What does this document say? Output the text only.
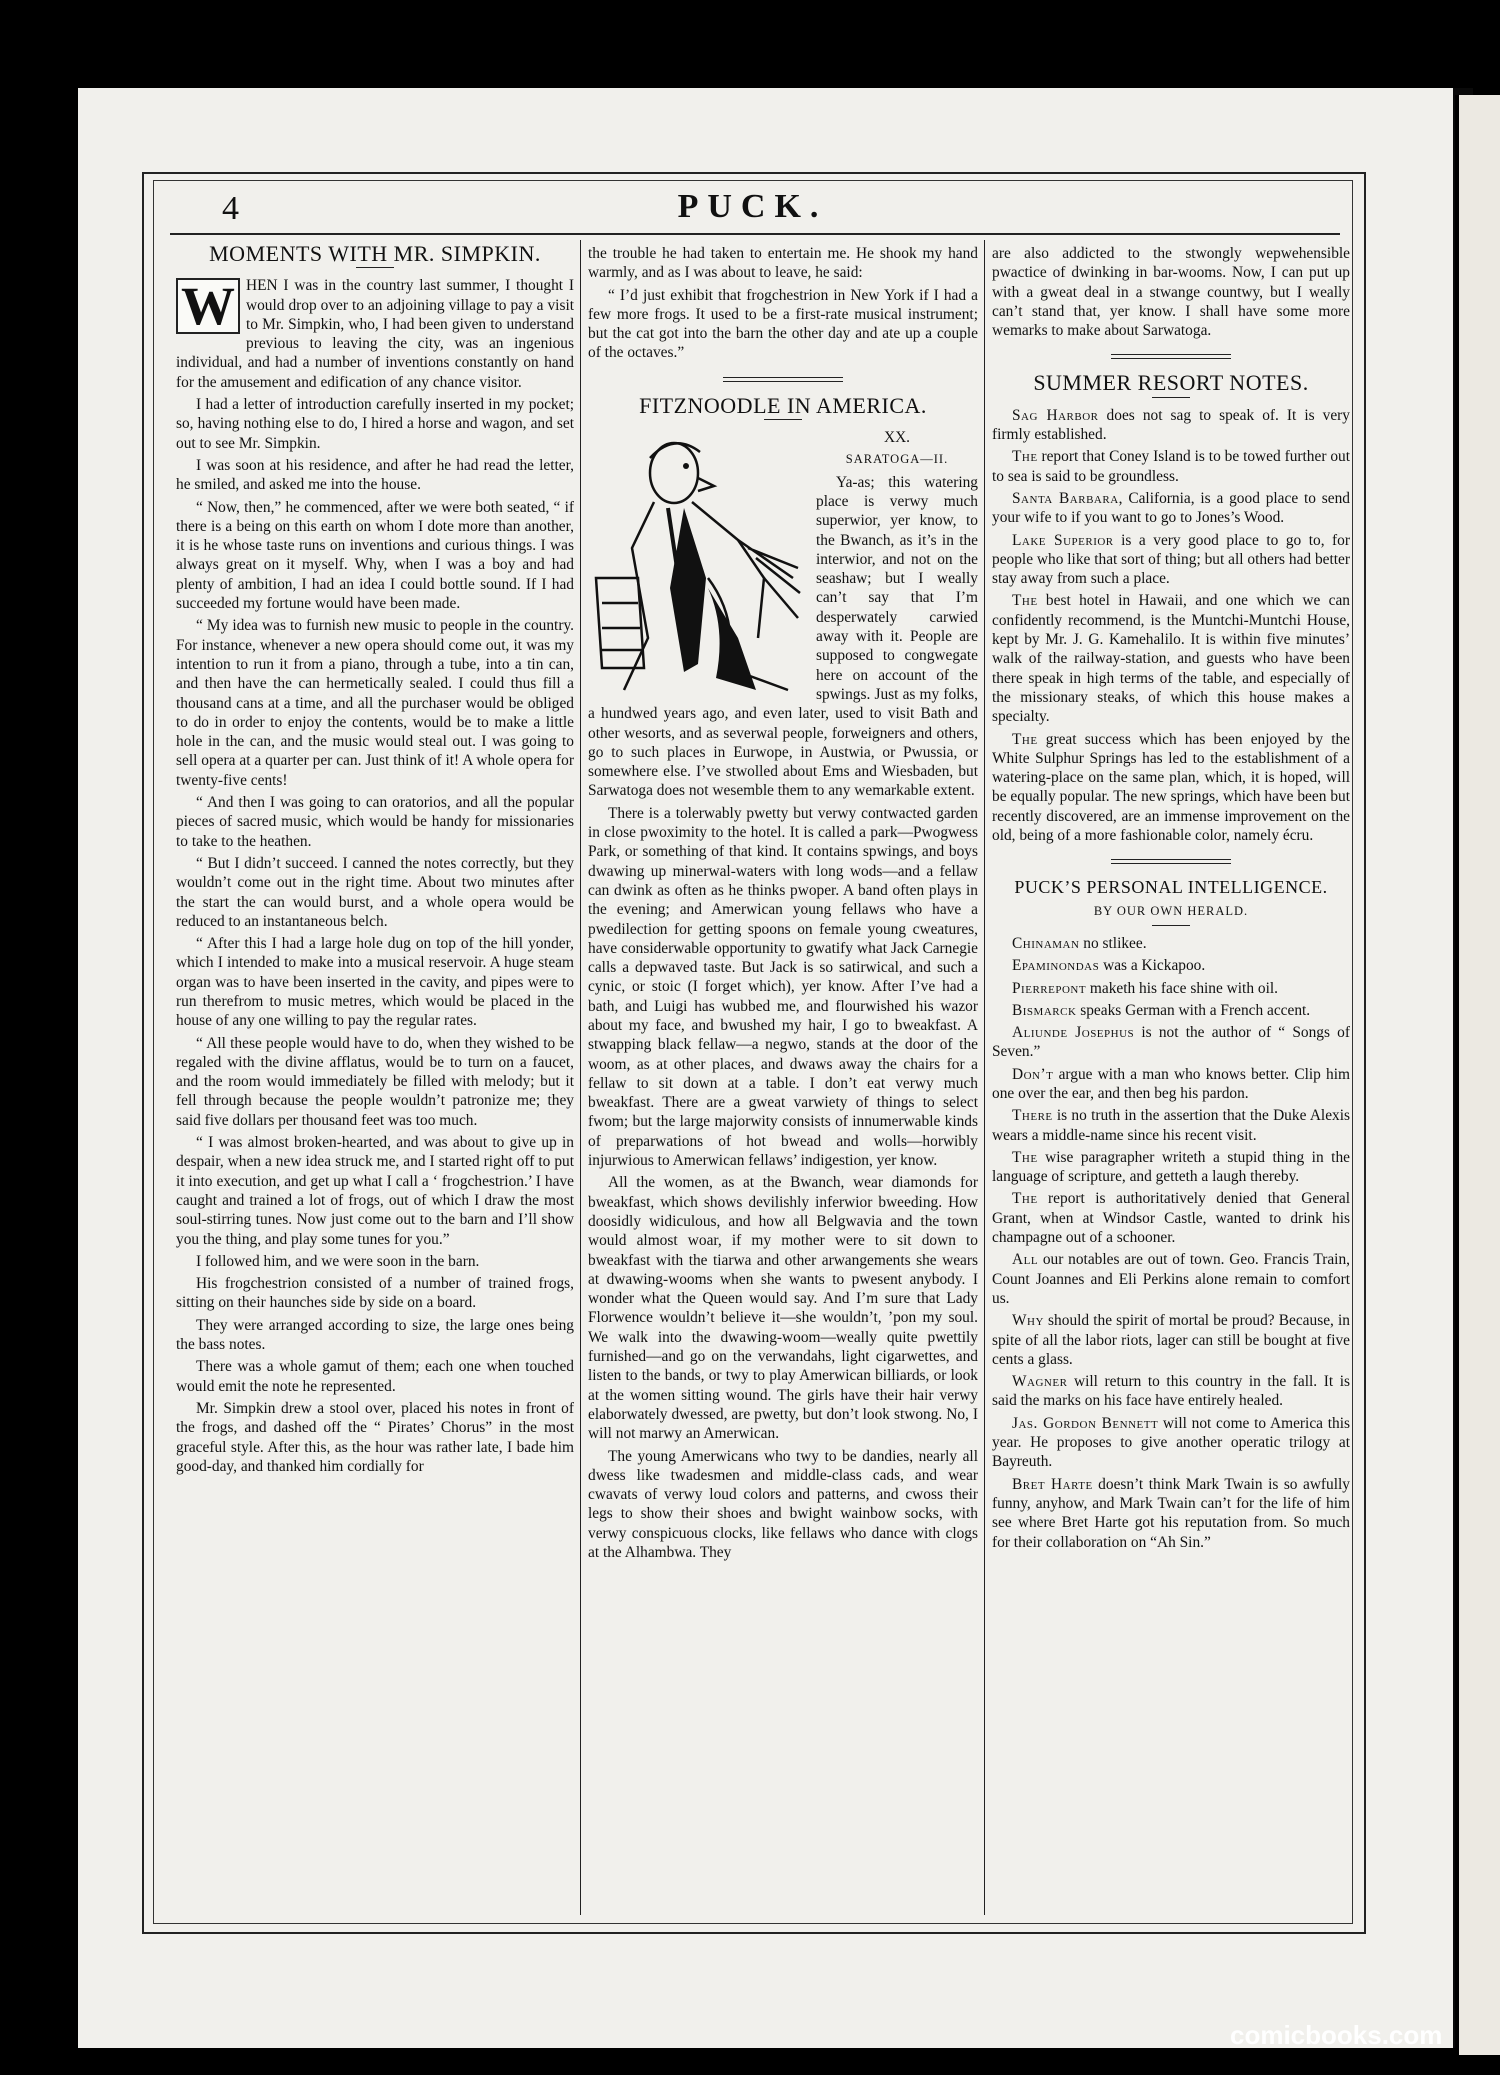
4	PUCK.
MOMENTS WITH MR. SIMPKIN.

W HEN I was in the country last summer, I thought I would drop over to an adjoining village to pay a visit to Mr. Simpkin, who, I had been given to understand previous to leaving the city, was an ingenious individual, and had a number of inventions constantly on hand for the amusement and edification of any chance visitor.

I had a letter of introduction carefully inserted in my pocket; so, having nothing else to do, I hired a horse and wagon, and set out to see Mr. Simpkin.

I was soon at his residence, and after he had read the letter, he smiled, and asked me into the house.

“ Now, then,” he commenced, after we were both seated, “ if there is a being on this earth on whom I dote more than another, it is he whose taste runs on inventions and curious things. I was always great on it myself. Why, when I was a boy and had plenty of ambition, I had an idea I could bottle sound. If I had succeeded my fortune would have been made.

“ My idea was to furnish new music to people in the country. For instance, whenever a new opera should come out, it was my intention to run it from a piano, through a tube, into a tin can, and then have the can hermetically sealed. I could thus fill a thousand cans at a time, and all the purchaser would be obliged to do in order to enjoy the contents, would be to make a little hole in the can, and the music would steal out. I was going to sell opera at a quarter per can. Just think of it! A whole opera for twenty-five cents!

“ And then I was going to can oratorios, and all the popular pieces of sacred music, which would be handy for missionaries to take to the heathen.

“ But I didn’t succeed. I canned the notes correctly, but they wouldn’t come out in the right time. About two minutes after the start the can would burst, and a whole opera would be reduced to an instantaneous belch.

“ After this I had a large hole dug on top of the hill yonder, which I intended to make into a musical reservoir. A huge steam organ was to have been inserted in the cavity, and pipes were to run therefrom to music metres, which would be placed in the house of any one willing to pay the regular rates.

“ All these people would have to do, when they wished to be regaled with the divine afflatus, would be to turn on a faucet, and the room would immediately be filled with melody; but it fell through because the people wouldn’t patronize me; they said five dollars per thousand feet was too much.

“ I was almost broken-hearted, and was about to give up in despair, when a new idea struck me, and I started right off to put it into execution, and get up what I call a ‘ frogchestrion.’ I have caught and trained a lot of frogs, out of which I draw the most soul-stirring tunes. Now just come out to the barn and I’ll show you the thing, and play some tunes for you.”

I followed him, and we were soon in the barn.

His frogchestrion consisted of a number of trained frogs, sitting on their haunches side by side on a board.

They were arranged according to size, the large ones being the bass notes.

There was a whole gamut of them; each one when touched would emit the note he represented.

Mr. Simpkin drew a stool over, placed his notes in front of the frogs, and dashed off the “ Pirates’ Chorus” in the most graceful style. After this, as the hour was rather late, I bade him good-day, and thanked him cordially for

the trouble he had taken to entertain me. He shook my hand warmly, and as I was about to leave, he said:

“ I’d just exhibit that frogchestrion in New York if I had a few more frogs. It used to be a first-rate musical instrument; but the cat got into the barn the other day and ate up a couple of the octaves.”

FITZNOODLE IN AMERICA.

XX.

SARATOGA—II.

Ya-as; this watering place is verwy much superwior, yer know, to the Bwanch, as it’s in the interwior, and not on the seashaw; but I weally can’t say that I’m desperwately carwied away with it. People are supposed to congwegate here on account of the spwings. Just as my folks, a hundwed years ago, and even later, used to visit Bath and other wesorts, and as severwal people, forweigners and others, go to such places in Eurwope, in Austwia, or Pwussia, or somewhere else. I’ve stwolled about Ems and Wiesbaden, but Sarwatoga does not wesemble them to any wemarkable extent.

There is a tolerwably pwetty but verwy contwacted garden in close pwoximity to the hotel. It is called a park—Pwogwess Park, or something of that kind. It contains spwings, and boys dwawing up minerwal-waters with long wods—and a fellaw can dwink as often as he thinks pwoper. A band often plays in the evening; and Amerwican young fellaws who have a pwedilection for getting spoons on female young cweatures, have considerwable opportunity to gwatify what Jack Carnegie calls a depwaved taste. But Jack is so satirwical, and such a cynic, or stoic (I forget which), yer know. After I’ve had a bath, and Luigi has wubbed me, and flourwished his wazor about my face, and bwushed my hair, I go to bweakfast. A stwapping black fellaw—a negwo, stands at the door of the woom, as at other places, and dwaws away the chairs for a fellaw to sit down at a table. I don’t eat verwy much bweakfast. There are a gweat varwiety of things to select fwom; but the large majorwity consists of innumerwable kinds of preparwations of hot bwead and wolls—horwibly injurwious to Amerwican fellaws’ indigestion, yer know.

All the women, as at the Bwanch, wear diamonds for bweakfast, which shows devilishly inferwior bweeding. How doosidly widiculous, and how all Belgwavia and the town would almost woar, if my mother were to sit down to bweakfast with the tiarwa and other arwangements she wears at dwawing-wooms when she wants to pwesent anybody. I wonder what the Queen would say. And I’m sure that Lady Florwence wouldn’t believe it—she wouldn’t, ’pon my soul. We walk into the dwawing-woom—weally quite pwettily furnished—and go on the verwandahs, light cigarwettes, and listen to the bands, or twy to play Amerwican billiards, or look at the women sitting wound. The girls have their hair verwy elaborwately dwessed, are pwetty, but don’t look stwong. No, I will not marwy an Amerwican.

The young Amerwicans who twy to be dandies, nearly all dwess like twadesmen and middle-class cads, and wear cwavats of verwy loud colors and patterns, and cwoss their legs to show their shoes and bwight wainbow socks, with verwy conspicuous clocks, like fellaws who dance with clogs at the Alhambwa. They

are also addicted to the stwongly wepwehensible pwactice of dwinking in bar-wooms. Now, I can put up with a gweat deal in a stwange countwy, but I weally can’t stand that, yer know. I shall have some more wemarks to make about Sarwatoga.

SUMMER RESORT NOTES.

Sag Harbor does not sag to speak of. It is very firmly established.

The report that Coney Island is to be towed further out to sea is said to be groundless.

Santa Barbara, California, is a good place to send your wife to if you want to go to Jones’s Wood.

Lake Superior is a very good place to go to, for people who like that sort of thing; but all others had better stay away from such a place.

The best hotel in Hawaii, and one which we can confidently recommend, is the Muntchi-Muntchi House, kept by Mr. J. G. Kamehalilo. It is within five minutes’ walk of the railway-station, and guests who have been there speak in high terms of the table, and especially of the missionary steaks, of which this house makes a specialty.

The great success which has been enjoyed by the White Sulphur Springs has led to the establishment of a watering-place on the same plan, which, it is hoped, will be equally popular. The new springs, which have been but recently discovered, are an immense improvement on the old, being of a more fashionable color, namely écru.

PUCK’S PERSONAL INTELLIGENCE.

BY OUR OWN HERALD.

Chinaman no stlikee.

Epaminondas was a Kickapoo.

Pierrepont maketh his face shine with oil.

Bismarck speaks German with a French accent.

Aliunde Josephus is not the author of “ Songs of Seven.”

Don’t argue with a man who knows better. Clip him one over the ear, and then beg his pardon.

There is no truth in the assertion that the Duke Alexis wears a middle-name since his recent visit.

The wise paragrapher writeth a stupid thing in the language of scripture, and getteth a laugh thereby.

The report is authoritatively denied that General Grant, when at Windsor Castle, wanted to drink his champagne out of a schooner.

All our notables are out of town. Geo. Francis Train, Count Joannes and Eli Perkins alone remain to comfort us.

Why should the spirit of mortal be proud? Because, in spite of all the labor riots, lager can still be bought at five cents a glass.

Wagner will return to this country in the fall. It is said the marks on his face have entirely healed.

Jas. Gordon Bennett will not come to America this year. He proposes to give another operatic trilogy at Bayreuth.

Bret Harte doesn’t think Mark Twain is so awfully funny, anyhow, and Mark Twain can’t for the life of him see where Bret Harte got his reputation from. So much for their collaboration on “Ah Sin.”

comicbooks.com
